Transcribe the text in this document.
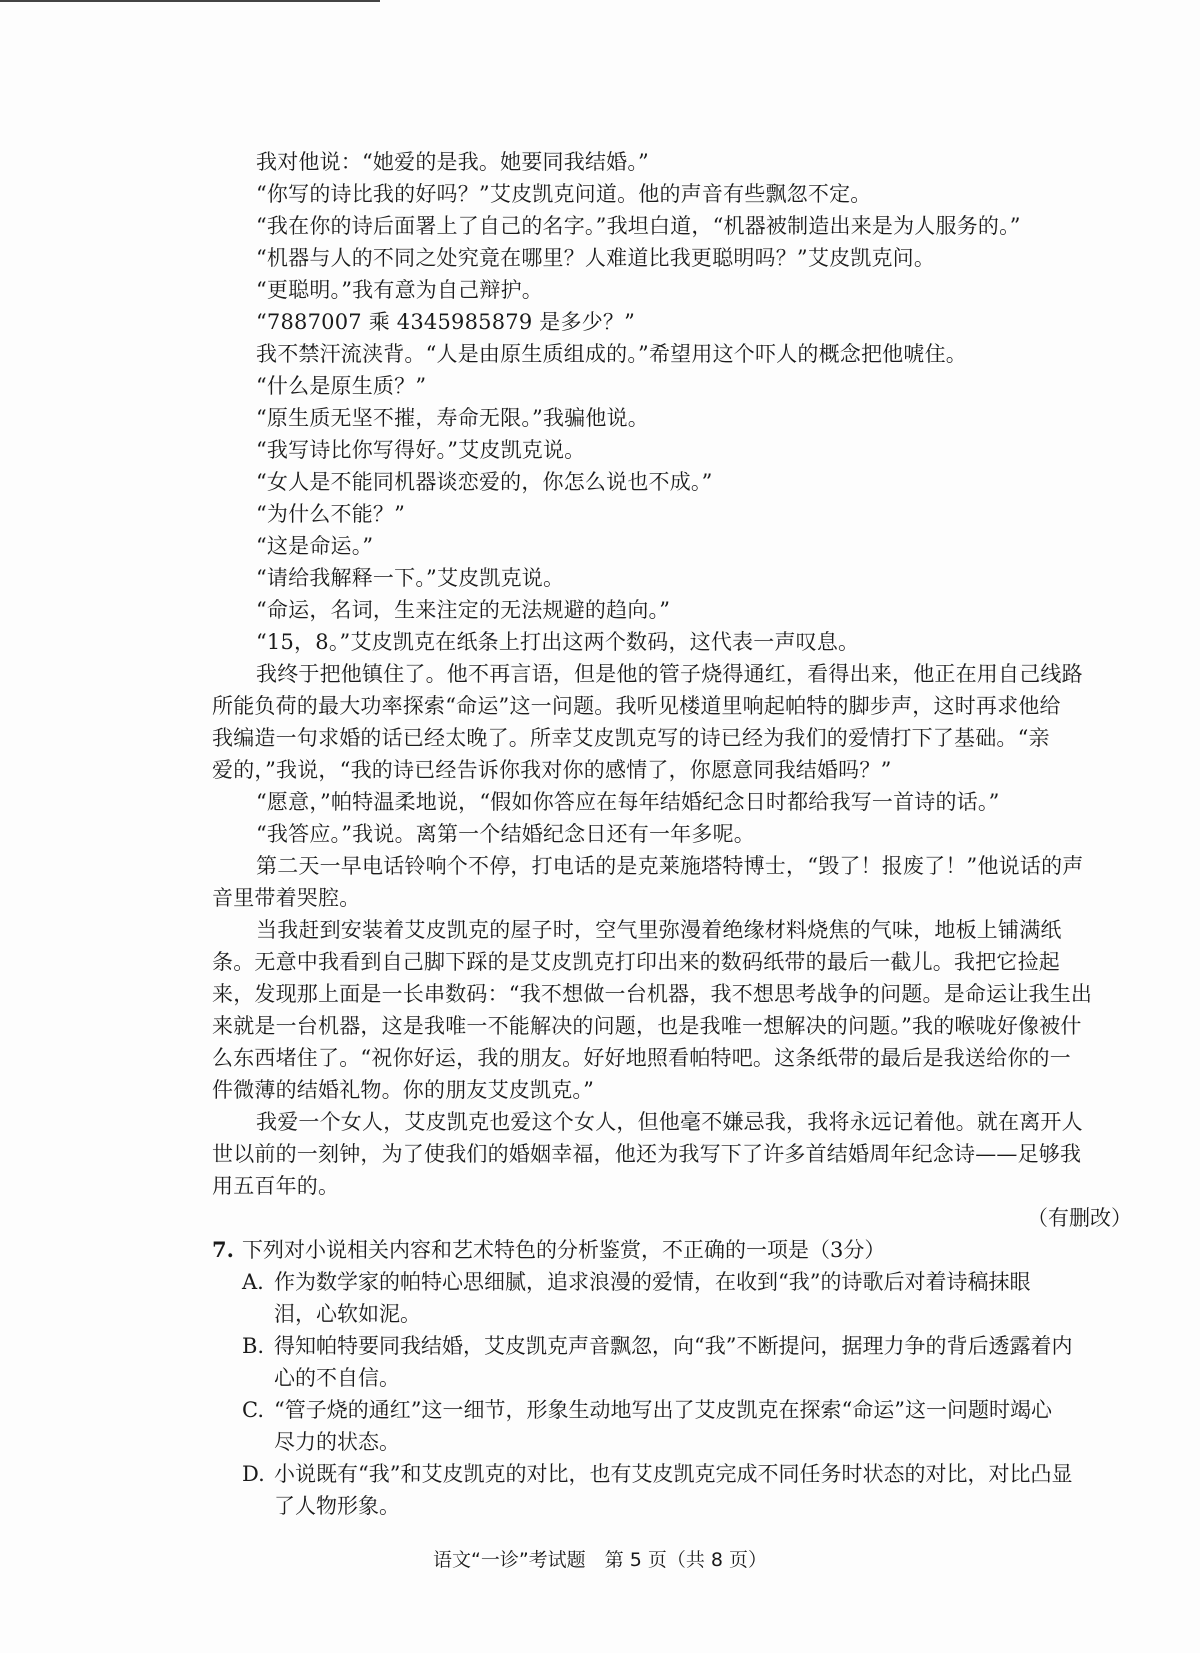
我对他说：“她爱的是我。她要同我结婚。”
“你写的诗比我的好吗？”艾皮凯克问道。他的声音有些飘忽不定。
“我在你的诗后面署上了自己的名字。”我坦白道，“机器被制造出来是为人服务的。”
“机器与人的不同之处究竟在哪里？人难道比我更聪明吗？”艾皮凯克问。
“更聪明。”我有意为自己辩护。
“7887007 乘 4345985879 是多少？”
我不禁汗流浃背。“人是由原生质组成的。”希望用这个吓人的概念把他唬住。
“什么是原生质？”
“原生质无坚不摧，寿命无限。”我骗他说。
“我写诗比你写得好。”艾皮凯克说。
“女人是不能同机器谈恋爱的，你怎么说也不成。”
“为什么不能？”
“这是命运。”
“请给我解释一下。”艾皮凯克说。
“命运，名词，生来注定的无法规避的趋向。”
“15，8。”艾皮凯克在纸条上打出这两个数码，这代表一声叹息。
我终于把他镇住了。他不再言语，但是他的管子烧得通红，看得出来，他正在用自己线路
所能负荷的最大功率探索“命运”这一问题。我听见楼道里响起帕特的脚步声，这时再求他给
我编造一句求婚的话已经太晚了。所幸艾皮凯克写的诗已经为我们的爱情打下了基础。“亲
爱的，”我说，“我的诗已经告诉你我对你的感情了，你愿意同我结婚吗？”
“愿意，”帕特温柔地说，“假如你答应在每年结婚纪念日时都给我写一首诗的话。”
“我答应。”我说。离第一个结婚纪念日还有一年多呢。
第二天一早电话铃响个不停，打电话的是克莱施塔特博士，“毁了！报废了！”他说话的声
音里带着哭腔。
当我赶到安装着艾皮凯克的屋子时，空气里弥漫着绝缘材料烧焦的气味，地板上铺满纸
条。无意中我看到自己脚下踩的是艾皮凯克打印出来的数码纸带的最后一截儿。我把它捡起
来，发现那上面是一长串数码：“我不想做一台机器，我不想思考战争的问题。是命运让我生出
来就是一台机器，这是我唯一不能解决的问题，也是我唯一想解决的问题。”我的喉咙好像被什
么东西堵住了。“祝你好运，我的朋友。好好地照看帕特吧。这条纸带的最后是我送给你的一
件微薄的结婚礼物。你的朋友艾皮凯克。”
我爱一个女人，艾皮凯克也爱这个女人，但他毫不嫌忌我，我将永远记着他。就在离开人
世以前的一刻钟，为了使我们的婚姻幸福，他还为我写下了许多首结婚周年纪念诗——足够我
用五百年的。
（有删改）
7. 下列对小说相关内容和艺术特色的分析鉴赏，不正确的一项是（3分）
A. 作为数学家的帕特心思细腻，追求浪漫的爱情，在收到“我”的诗歌后对着诗稿抹眼
泪，心软如泥。
B. 得知帕特要同我结婚，艾皮凯克声音飘忽，向“我”不断提问，据理力争的背后透露着内
心的不自信。
C. “管子烧的通红”这一细节，形象生动地写出了艾皮凯克在探索“命运”这一问题时竭心
尽力的状态。
D. 小说既有“我”和艾皮凯克的对比，也有艾皮凯克完成不同任务时状态的对比，对比凸显
了人物形象。
语文“一诊”考试题　第 5 页（共 8 页）
